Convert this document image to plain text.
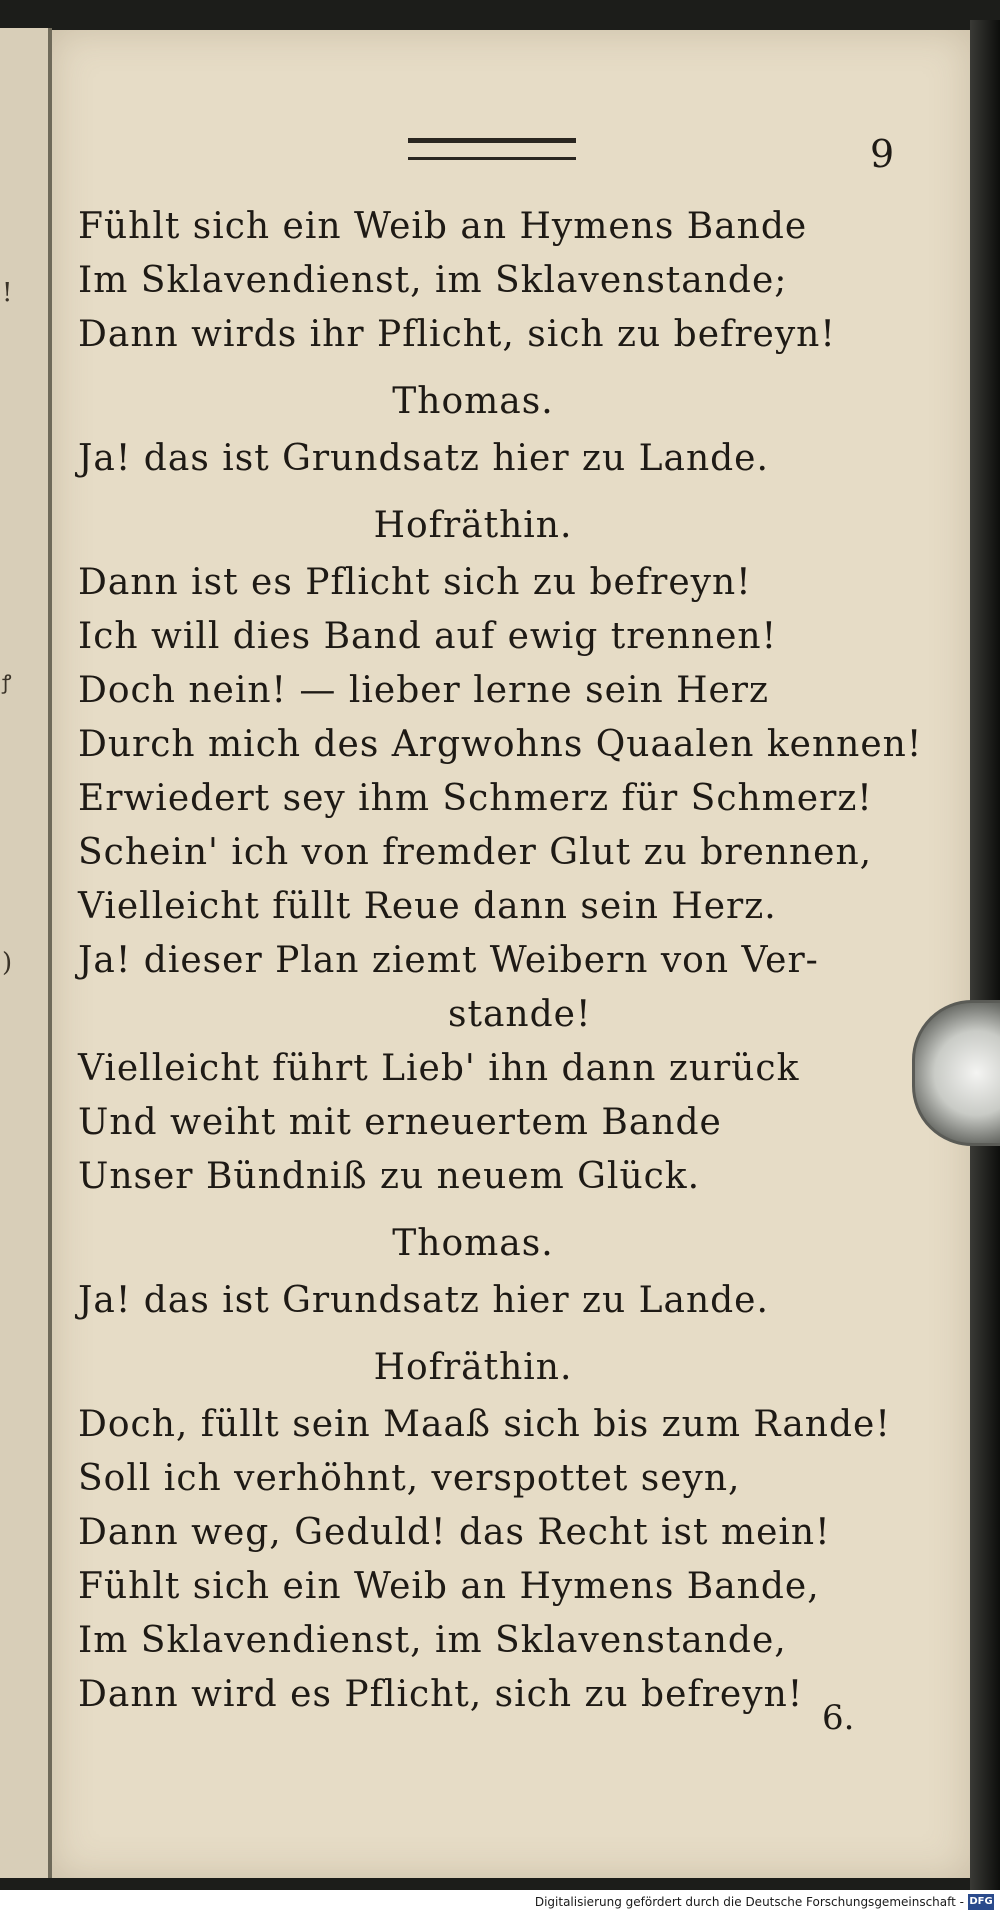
!
ꝭ
)
9
Fühlt sich ein Weib an Hymens Bande
Im Sklavendienst, im Sklavenstande;
Dann wirds ihr Pflicht, sich zu befreyn!
Thomas.
Ja! das ist Grundsatz hier zu Lande.
Hofräthin.
Dann ist es Pflicht sich zu befreyn!
Ich will dies Band auf ewig trennen!
Doch nein! — lieber lerne sein Herz
Durch mich des Argwohns Quaalen kennen!
Erwiedert sey ihm Schmerz für Schmerz!
Schein' ich von fremder Glut zu brennen,
Vielleicht füllt Reue dann sein Herz.
Ja! dieser Plan ziemt Weibern von Ver-
stande!
Vielleicht führt Lieb' ihn dann zurück
Und weiht mit erneuertem Bande
Unser Bündniß zu neuem Glück.
Thomas.
Ja! das ist Grundsatz hier zu Lande.
Hofräthin.
Doch, füllt sein Maaß sich bis zum Rande!
Soll ich verhöhnt, verspottet seyn,
Dann weg, Geduld! das Recht ist mein!
Fühlt sich ein Weib an Hymens Bande,
Im Sklavendienst, im Sklavenstande,
Dann wird es Pflicht, sich zu befreyn!
6.
Digitalisierung gefördert durch die Deutsche Forschungsgemeinschaft - DFG
